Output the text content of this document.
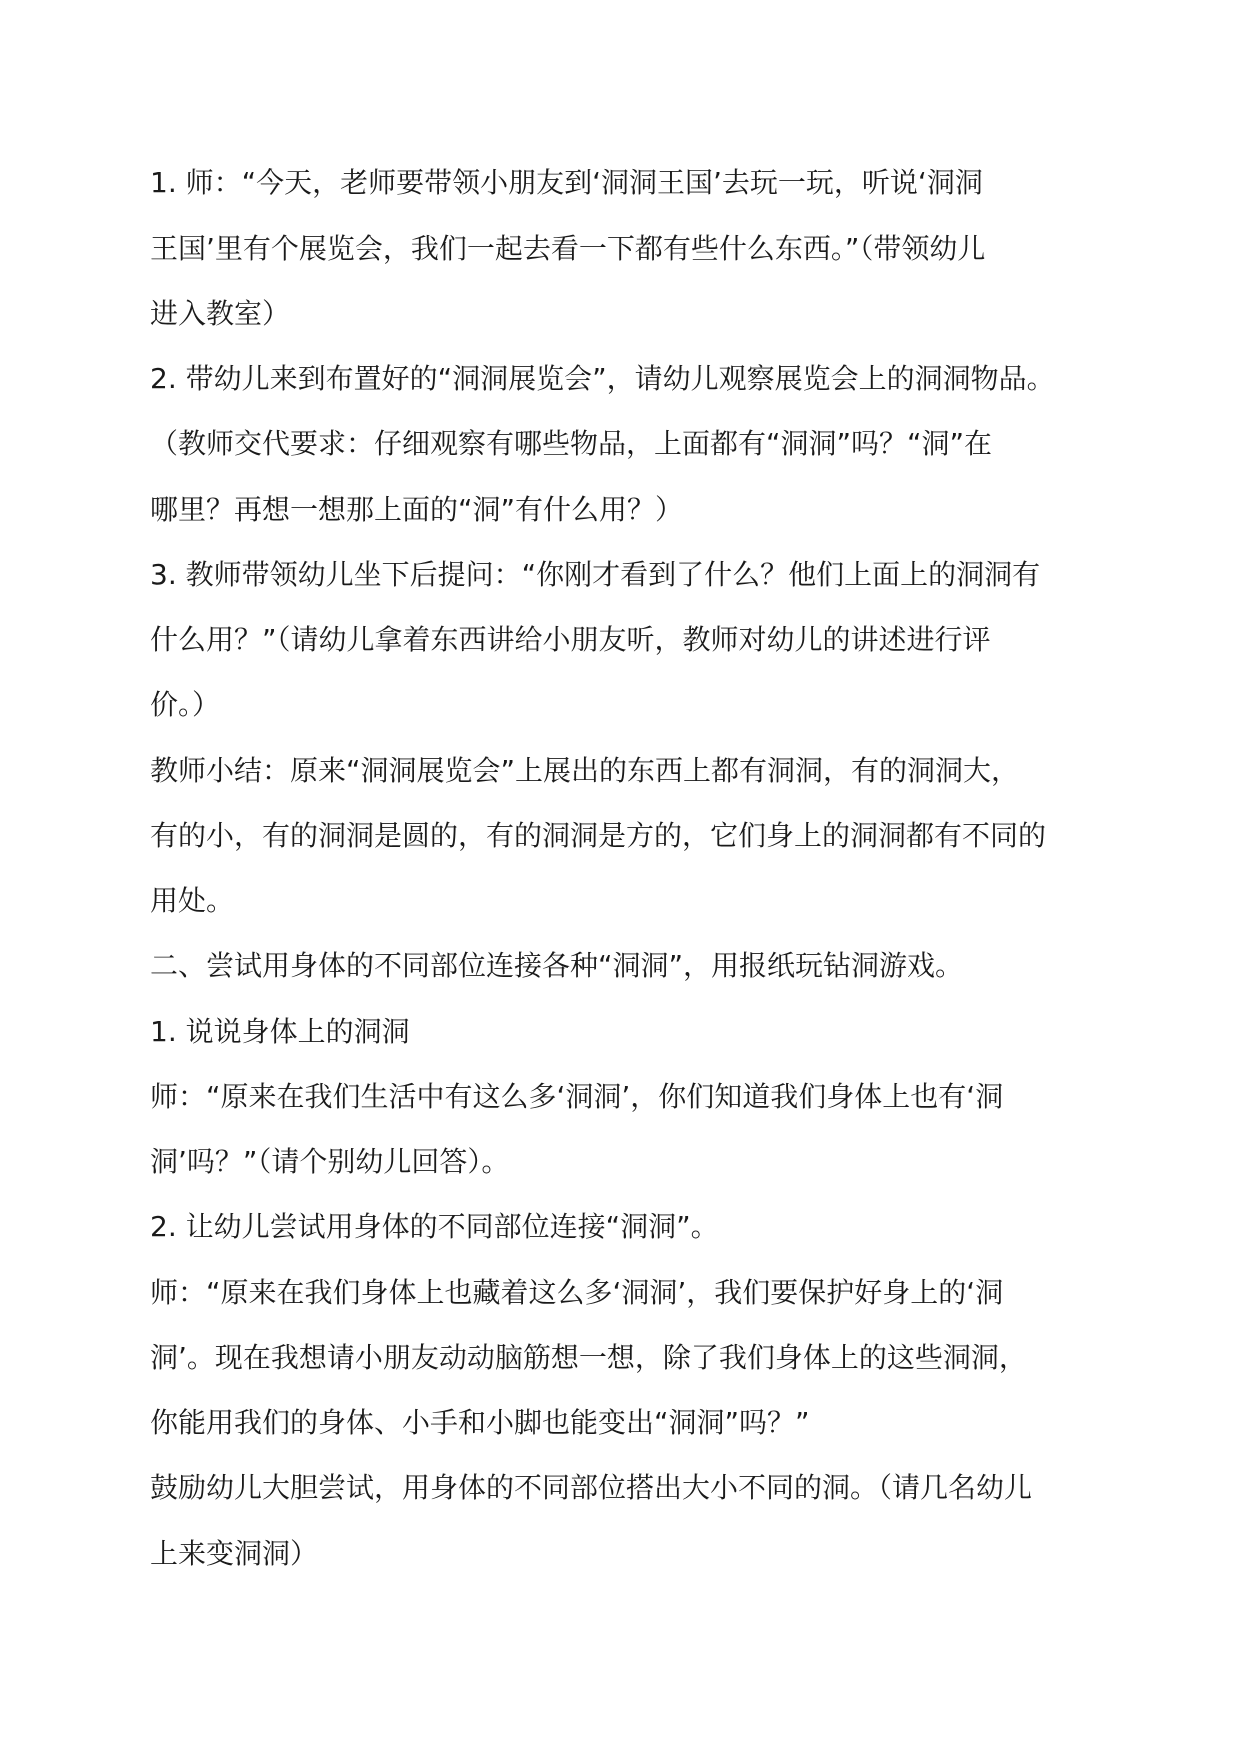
1. 师：“今天，老师要带领小朋友到‘洞洞王国’去玩一玩，听说‘洞洞
王国’里有个展览会，我们一起去看一下都有些什么东西。”（带领幼儿
进入教室）
2. 带幼儿来到布置好的“洞洞展览会”，请幼儿观察展览会上的洞洞物品。
（教师交代要求：仔细观察有哪些物品，上面都有“洞洞”吗？“洞”在
哪里？再想一想那上面的“洞”有什么用？）
3. 教师带领幼儿坐下后提问：“你刚才看到了什么？他们上面上的洞洞有
什么用？”（请幼儿拿着东西讲给小朋友听，教师对幼儿的讲述进行评
价。）
教师小结：原来“洞洞展览会”上展出的东西上都有洞洞，有的洞洞大，
有的小，有的洞洞是圆的，有的洞洞是方的，它们身上的洞洞都有不同的
用处。
二、尝试用身体的不同部位连接各种“洞洞”，用报纸玩钻洞游戏。
1. 说说身体上的洞洞
师：“原来在我们生活中有这么多‘洞洞’，你们知道我们身体上也有‘洞
洞’吗？”（请个别幼儿回答）。
2. 让幼儿尝试用身体的不同部位连接“洞洞”。
师：“原来在我们身体上也藏着这么多‘洞洞’，我们要保护好身上的‘洞
洞’。现在我想请小朋友动动脑筋想一想，除了我们身体上的这些洞洞，
你能用我们的身体、小手和小脚也能变出“洞洞”吗？”
鼓励幼儿大胆尝试，用身体的不同部位搭出大小不同的洞。（请几名幼儿
上来变洞洞）
